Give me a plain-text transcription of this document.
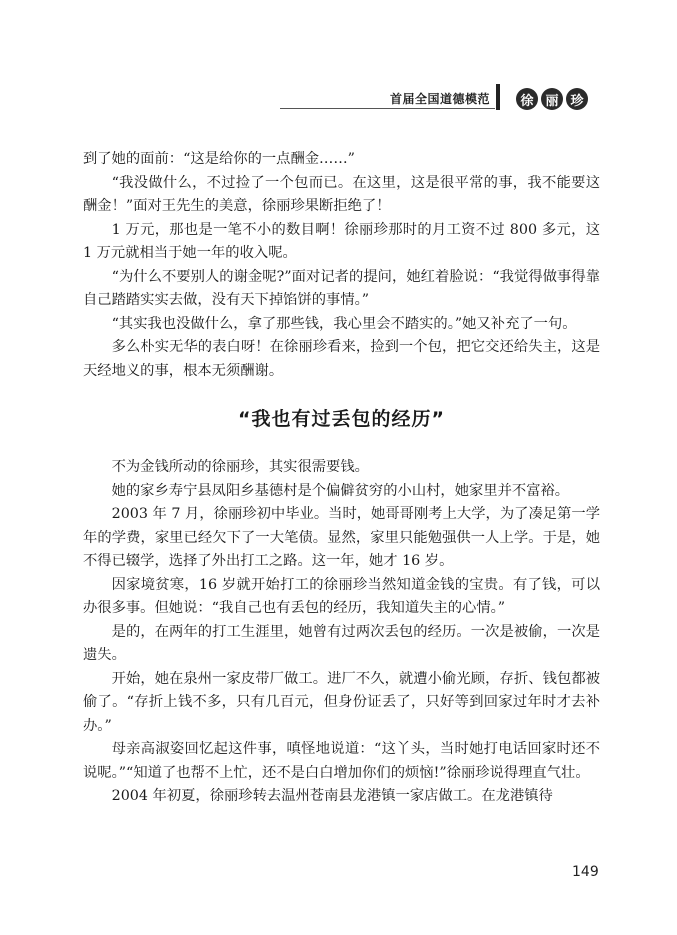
首届全国道德模范	徐 丽 珍

到了她的面前：“这是给你的一点酬金……”

“我没做什么，不过捡了一个包而已。在这里，这是很平常的事，我不能要这酬金！”面对王先生的美意，徐丽珍果断拒绝了！

1 万元，那也是一笔不小的数目啊！徐丽珍那时的月工资不过 800 多元，这 1 万元就相当于她一年的收入呢。

“为什么不要别人的谢金呢?”面对记者的提问，她红着脸说：“我觉得做事得靠自己踏踏实实去做，没有天下掉馅饼的事情。”

“其实我也没做什么，拿了那些钱，我心里会不踏实的。”她又补充了一句。

多么朴实无华的表白呀！在徐丽珍看来，捡到一个包，把它交还给失主，这是天经地义的事，根本无须酬谢。

“我也有过丢包的经历”

不为金钱所动的徐丽珍，其实很需要钱。

她的家乡寿宁县凤阳乡基德村是个偏僻贫穷的小山村，她家里并不富裕。

2003 年 7 月，徐丽珍初中毕业。当时，她哥哥刚考上大学，为了凑足第一学年的学费，家里已经欠下了一大笔债。显然，家里只能勉强供一人上学。于是，她不得已辍学，选择了外出打工之路。这一年，她才 16 岁。

因家境贫寒，16 岁就开始打工的徐丽珍当然知道金钱的宝贵。有了钱，可以办很多事。但她说：“我自己也有丢包的经历，我知道失主的心情。”

是的，在两年的打工生涯里，她曾有过两次丢包的经历。一次是被偷，一次是遗失。

开始，她在泉州一家皮带厂做工。进厂不久，就遭小偷光顾，存折、钱包都被偷了。“存折上钱不多，只有几百元，但身份证丢了，只好等到回家过年时才去补办。”

母亲高淑姿回忆起这件事，嗔怪地说道：“这丫头，当时她打电话回家时还不说呢。”“知道了也帮不上忙，还不是白白增加你们的烦恼!”徐丽珍说得理直气壮。

2004 年初夏，徐丽珍转去温州苍南县龙港镇一家店做工。在龙港镇待

149
